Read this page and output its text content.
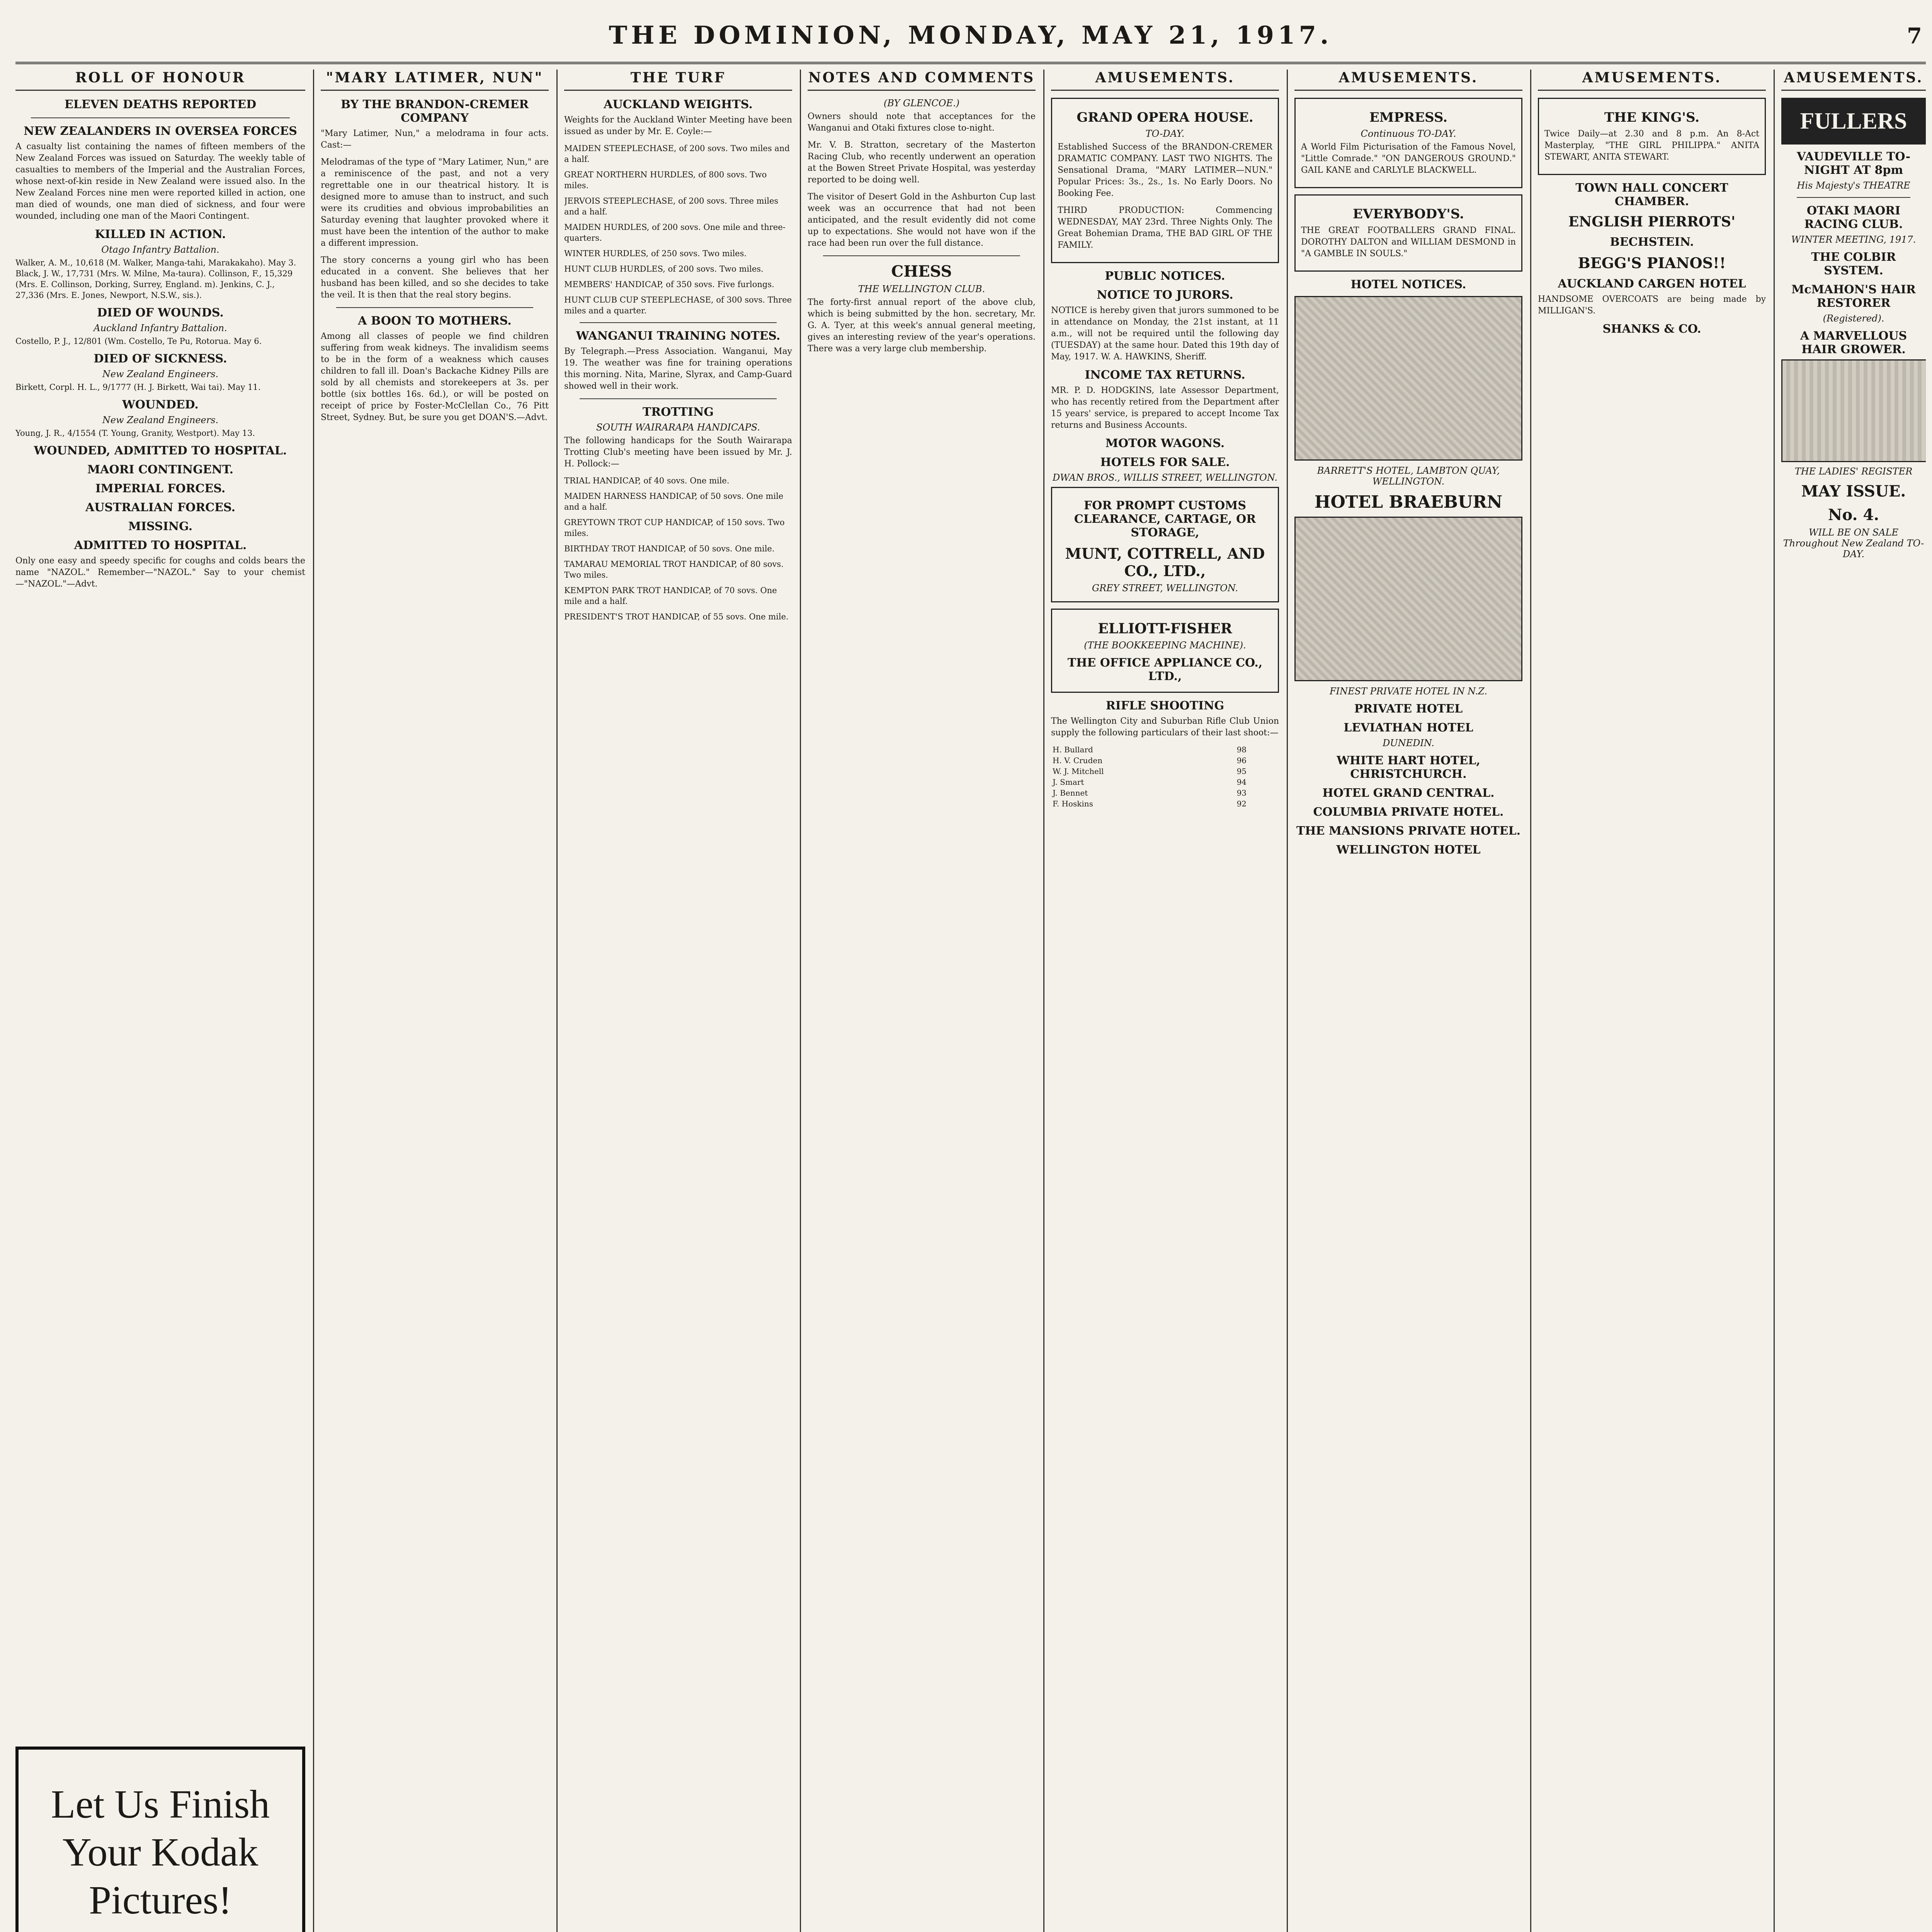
THE DOMINION, MONDAY, MAY 21, 1917.	7
ROLL OF HONOUR
ELEVEN DEATHS REPORTED
NEW ZEALANDERS IN OVERSEA FORCES

A casualty list containing the names of fifteen members of the New Zealand Forces was issued on Saturday. The weekly table of casualties to members of the Imperial and the Australian Forces, whose next-of-kin reside in New Zealand were issued also. In the New Zealand Forces nine men were reported killed in action, one man died of wounds, one man died of sickness, and four were wounded, including one man of the Maori Contingent.

KILLED IN ACTION.
Otago Infantry Battalion.

Walker, A. M., 10,618 (M. Walker, Manga-tahi, Marakakaho). May 3. Black, J. W., 17,731 (Mrs. W. Milne, Ma-taura). Collinson, F., 15,329 (Mrs. E. Collinson, Dorking, Surrey, England. m). Jenkins, C. J., 27,336 (Mrs. E. Jones, Newport, N.S.W., sis.).

DIED OF WOUNDS.
Auckland Infantry Battalion.

Costello, P. J., 12/801 (Wm. Costello, Te Pu, Rotorua. May 6.

DIED OF SICKNESS.
New Zealand Engineers.

Birkett, Corpl. H. L., 9/1777 (H. J. Birkett, Wai tai). May 11.

WOUNDED.
New Zealand Engineers.

Young, J. R., 4/1554 (T. Young, Granity, Westport). May 13.

WOUNDED, ADMITTED TO HOSPITAL.
MAORI CONTINGENT.
IMPERIAL FORCES.
AUSTRALIAN FORCES.
MISSING.
ADMITTED TO HOSPITAL.

Only one easy and speedy specific for coughs and colds bears the name "NAZOL." Remember—"NAZOL." Say to your chemist—"NAZOL."—Advt.

Let Us Finish Your Kodak Pictures!

"MARY LATIMER, NUN"
BY THE BRANDON-CREMER COMPANY

"Mary Latimer, Nun," a melodrama in four acts. Cast:—

Melodramas of the type of "Mary Latimer, Nun," are a reminiscence of the past, and not a very regrettable one in our theatrical history. It is designed more to amuse than to instruct, and such were its crudities and obvious improbabilities an Saturday evening that laughter provoked where it must have been the intention of the author to make a different impression.

The story concerns a young girl who has been educated in a convent. She believes that her husband has been killed, and so she decides to take the veil. It is then that the real story begins.

A BOON TO MOTHERS.

Among all classes of people we find children suffering from weak kidneys. The invalidism seems to be in the form of a weakness which causes children to fall ill. Doan's Backache Kidney Pills are sold by all chemists and storekeepers at 3s. per bottle (six bottles 16s. 6d.), or will be posted on receipt of price by Foster-McClellan Co., 76 Pitt Street, Sydney. But, be sure you get DOAN'S.—Advt.

THE TURF
AUCKLAND WEIGHTS.

Weights for the Auckland Winter Meeting have been issued as under by Mr. E. Coyle:—

MAIDEN STEEPLECHASE, of 200 sovs. Two miles and a half.

GREAT NORTHERN HURDLES, of 800 sovs. Two miles.

JERVOIS STEEPLECHASE, of 200 sovs. Three miles and a half.

MAIDEN HURDLES, of 200 sovs. One mile and three-quarters.

WINTER HURDLES, of 250 sovs. Two miles.

HUNT CLUB HURDLES, of 200 sovs. Two miles.

MEMBERS' HANDICAP, of 350 sovs. Five furlongs.

HUNT CLUB CUP STEEPLECHASE, of 300 sovs. Three miles and a quarter.

WANGANUI TRAINING NOTES.

By Telegraph.—Press Association. Wanganui, May 19. The weather was fine for training operations this morning. Nita, Marine, Slyrax, and Camp-Guard showed well in their work.

TROTTING
SOUTH WAIRARAPA HANDICAPS.

The following handicaps for the South Wairarapa Trotting Club's meeting have been issued by Mr. J. H. Pollock:—

TRIAL HANDICAP, of 40 sovs. One mile.

MAIDEN HARNESS HANDICAP, of 50 sovs. One mile and a half.

GREYTOWN TROT CUP HANDICAP, of 150 sovs. Two miles.

BIRTHDAY TROT HANDICAP, of 50 sovs. One mile.

TAMARAU MEMORIAL TROT HANDICAP, of 80 sovs. Two miles.

KEMPTON PARK TROT HANDICAP, of 70 sovs. One mile and a half.

PRESIDENT'S TROT HANDICAP, of 55 sovs. One mile.

NOTES AND COMMENTS
(BY GLENCOE.)

Owners should note that acceptances for the Wanganui and Otaki fixtures close to-night.

Mr. V. B. Stratton, secretary of the Masterton Racing Club, who recently underwent an operation at the Bowen Street Private Hospital, was yesterday reported to be doing well.

The visitor of Desert Gold in the Ashburton Cup last week was an occurrence that had not been anticipated, and the result evidently did not come up to expectations. She would not have won if the race had been run over the full distance.

CHESS
THE WELLINGTON CLUB.

The forty-first annual report of the above club, which is being submitted by the hon. secretary, Mr. G. A. Tyer, at this week's annual general meeting, gives an interesting review of the year's operations. There was a very large club membership.

AMUSEMENTS.
GRAND OPERA HOUSE.
TO-DAY.

Established Success of the BRANDON-CREMER DRAMATIC COMPANY. LAST TWO NIGHTS. The Sensational Drama, "MARY LATIMER—NUN." Popular Prices: 3s., 2s., 1s. No Early Doors. No Booking Fee.

THIRD PRODUCTION: Commencing WEDNESDAY, MAY 23rd. Three Nights Only. The Great Bohemian Drama, THE BAD GIRL OF THE FAMILY.

PUBLIC NOTICES.
NOTICE TO JURORS.

NOTICE is hereby given that jurors summoned to be in attendance on Monday, the 21st instant, at 11 a.m., will not be required until the following day (TUESDAY) at the same hour. Dated this 19th day of May, 1917. W. A. HAWKINS, Sheriff.

INCOME TAX RETURNS.

MR. P. D. HODGKINS, late Assessor Department, who has recently retired from the Department after 15 years' service, is prepared to accept Income Tax returns and Business Accounts.

MOTOR WAGONS.
HOTELS FOR SALE.
DWAN BROS., WILLIS STREET, WELLINGTON.
FOR PROMPT CUSTOMS CLEARANCE, CARTAGE, OR STORAGE,
MUNT, COTTRELL, AND CO., LTD.,
GREY STREET, WELLINGTON.
ELLIOTT-FISHER
(THE BOOKKEEPING MACHINE).
THE OFFICE APPLIANCE CO., LTD.,
RIFLE SHOOTING

The Wellington City and Suburban Rifle Club Union supply the following particulars of their last shoot:—

H. Bullard	98
H. V. Cruden	96
W. J. Mitchell	95
J. Smart	94
J. Bennet	93
F. Hoskins	92
AMUSEMENTS.
EMPRESS.
Continuous TO-DAY.

A World Film Picturisation of the Famous Novel, "Little Comrade." "ON DANGEROUS GROUND." GAIL KANE and CARLYLE BLACKWELL.

EVERYBODY'S.

THE GREAT FOOTBALLERS GRAND FINAL. DOROTHY DALTON and WILLIAM DESMOND in "A GAMBLE IN SOULS."

HOTEL NOTICES.
BARRETT'S HOTEL, LAMBTON QUAY, WELLINGTON.
HOTEL BRAEBURN
FINEST PRIVATE HOTEL IN N.Z.
PRIVATE HOTEL
LEVIATHAN HOTEL
DUNEDIN.
WHITE HART HOTEL, CHRISTCHURCH.
HOTEL GRAND CENTRAL.
COLUMBIA PRIVATE HOTEL.
THE MANSIONS PRIVATE HOTEL.
WELLINGTON HOTEL
AMUSEMENTS.
THE KING'S.

Twice Daily—at 2.30 and 8 p.m. An 8-Act Masterplay, "THE GIRL PHILIPPA." ANITA STEWART, ANITA STEWART.

TOWN HALL CONCERT CHAMBER.
ENGLISH PIERROTS'
BECHSTEIN.
BEGG'S PIANOS!!
AUCKLAND CARGEN HOTEL

HANDSOME OVERCOATS are being made by MILLIGAN'S.

SHANKS & CO.
AMUSEMENTS.
FULLERS
VAUDEVILLE TO-NIGHT AT 8pm
His Majesty's THEATRE
OTAKI MAORI RACING CLUB.
WINTER MEETING, 1917.
THE COLBIR SYSTEM.
McMAHON'S HAIR RESTORER
(Registered).
A MARVELLOUS HAIR GROWER.
THE LADIES' REGISTER
MAY ISSUE.
No. 4.
WILL BE ON SALE Throughout New Zealand TO-DAY.
